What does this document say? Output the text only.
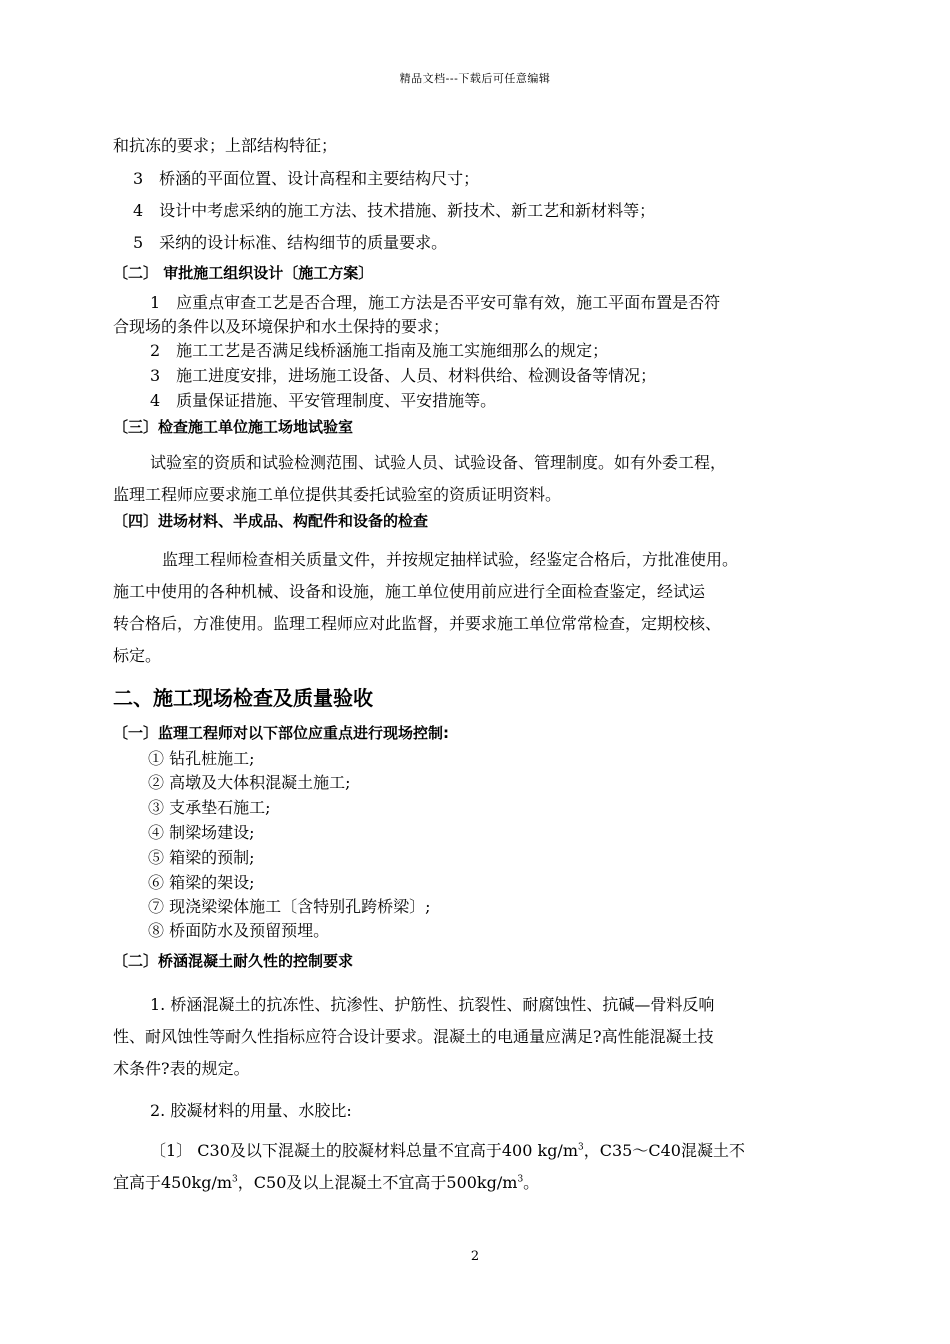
精品文档---下载后可任意编辑
和抗冻的要求；上部结构特征；
3　桥涵的平面位置、设计高程和主要结构尺寸；
4　设计中考虑采纳的施工方法、技术措施、新技术、新工艺和新材料等；
5　采纳的设计标准、结构细节的质量要求。
〔二〕 审批施工组织设计〔施工方案〕
1　应重点审查工艺是否合理，施工方法是否平安可靠有效，施工平面布置是否符
合现场的条件以及环境保护和水土保持的要求；
2　施工工艺是否满足线桥涵施工指南及施工实施细那么的规定；
3　施工进度安排，进场施工设备、人员、材料供给、检测设备等情况；
4　质量保证措施、平安管理制度、平安措施等。
〔三〕检查施工单位施工场地试验室
试验室的资质和试验检测范围、试验人员、试验设备、管理制度。如有外委工程，
监理工程师应要求施工单位提供其委托试验室的资质证明资料。
〔四〕进场材料、半成品、构配件和设备的检查
监理工程师检查相关质量文件，并按规定抽样试验，经鉴定合格后，方批准使用。
施工中使用的各种机械、设备和设施，施工单位使用前应进行全面检查鉴定，经试运
转合格后，方准使用。监理工程师应对此监督，并要求施工单位常常检查，定期校核、
标定。
二、施工现场检查及质量验收
〔一〕监理工程师对以下部位应重点进行现场控制:
① 钻孔桩施工;
② 高墩及大体积混凝土施工;
③ 支承垫石施工;
④ 制梁场建设;
⑤ 箱梁的预制;
⑥ 箱梁的架设;
⑦ 现浇梁梁体施工〔含特别孔跨桥梁〕;
⑧ 桥面防水及预留预埋。
〔二〕桥涵混凝土耐久性的控制要求
1. 桥涵混凝土的抗冻性、抗渗性、护筋性、抗裂性、耐腐蚀性、抗碱—骨料反响
性、耐风蚀性等耐久性指标应符合设计要求。混凝土的电通量应满足?高性能混凝土技
术条件?表的规定。
2. 胶凝材料的用量、水胶比:
〔1〕 C30及以下混凝土的胶凝材料总量不宜高于400 $kg/m^3$，C35～C40混凝土不
宜高于$450kg/m^3$，C50及以上混凝土不宜高于$500kg/m^3$。
2
